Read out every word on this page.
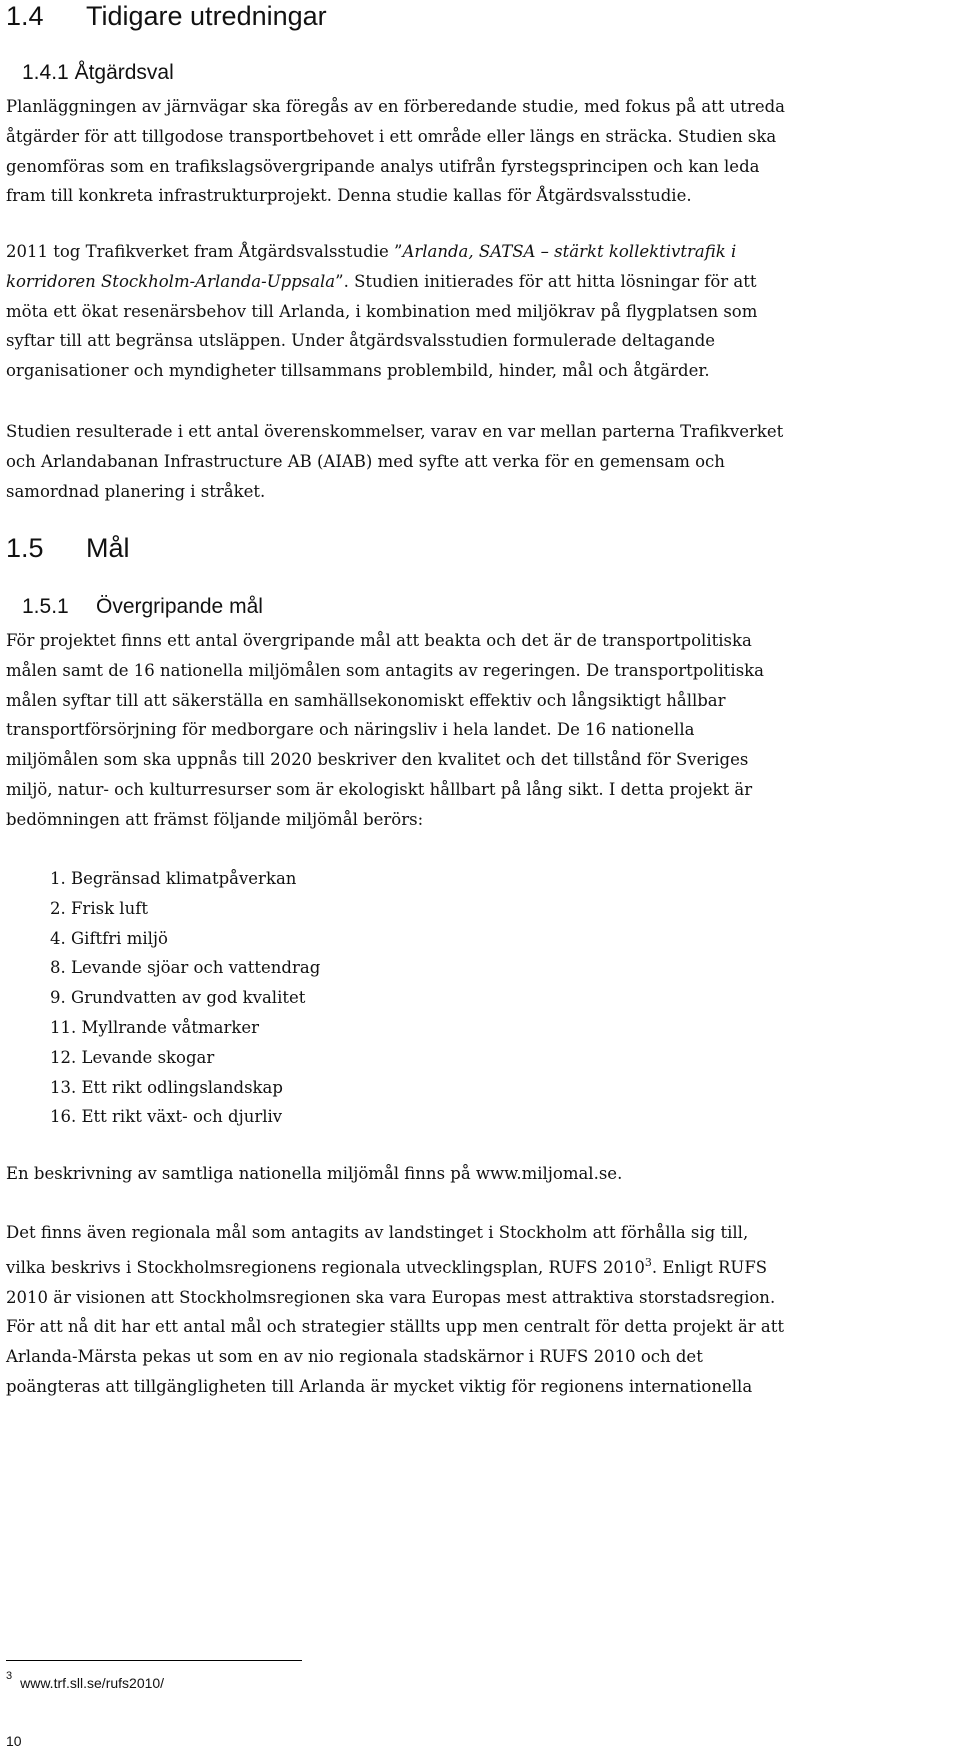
1.4 Tidigare utredningar
1.4.1 Åtgärdsval
Planläggningen av järnvägar ska föregås av en förberedande studie, med fokus på att utreda
åtgärder för att tillgodose transportbehovet i ett område eller längs en sträcka. Studien ska
genomföras som en trafikslagsövergripande analys utifrån fyrstegsprincipen och kan leda
fram till konkreta infrastrukturprojekt. Denna studie kallas för Åtgärdsvalsstudie.
2011 tog Trafikverket fram Åtgärdsvalsstudie ”Arlanda, SATSA – stärkt kollektivtrafik i
korridoren Stockholm-Arlanda-Uppsala”. Studien initierades för att hitta lösningar för att
möta ett ökat resenärsbehov till Arlanda, i kombination med miljökrav på flygplatsen som
syftar till att begränsa utsläppen. Under åtgärdsvalsstudien formulerade deltagande
organisationer och myndigheter tillsammans problembild, hinder, mål och åtgärder.
Studien resulterade i ett antal överenskommelser, varav en var mellan parterna Trafikverket
och Arlandabanan Infrastructure AB (AIAB) med syfte att verka för en gemensam och
samordnad planering i stråket.
1.5 Mål
1.5.1 Övergripande mål
För projektet finns ett antal övergripande mål att beakta och det är de transportpolitiska
målen samt de 16 nationella miljömålen som antagits av regeringen. De transportpolitiska
målen syftar till att säkerställa en samhällsekonomiskt effektiv och långsiktigt hållbar
transportförsörjning för medborgare och näringsliv i hela landet. De 16 nationella
miljömålen som ska uppnås till 2020 beskriver den kvalitet och det tillstånd för Sveriges
miljö, natur- och kulturresurser som är ekologiskt hållbart på lång sikt. I detta projekt är
bedömningen att främst följande miljömål berörs:
1. Begränsad klimatpåverkan
2. Frisk luft
4. Giftfri miljö
8. Levande sjöar och vattendrag
9. Grundvatten av god kvalitet
11. Myllrande våtmarker
12. Levande skogar
13. Ett rikt odlingslandskap
16. Ett rikt växt- och djurliv
En beskrivning av samtliga nationella miljömål finns på www.miljomal.se.
Det finns även regionala mål som antagits av landstinget i Stockholm att förhålla sig till,
vilka beskrivs i Stockholmsregionens regionala utvecklingsplan, RUFS 2010$^3$. Enligt RUFS
2010 är visionen att Stockholmsregionen ska vara Europas mest attraktiva storstadsregion.
För att nå dit har ett antal mål och strategier ställts upp men centralt för detta projekt är att
Arlanda-Märsta pekas ut som en av nio regionala stadskärnor i RUFS 2010 och det
poängteras att tillgängligheten till Arlanda är mycket viktig för regionens internationella
$^3$ www.trf.sll.se/rufs2010/
10
